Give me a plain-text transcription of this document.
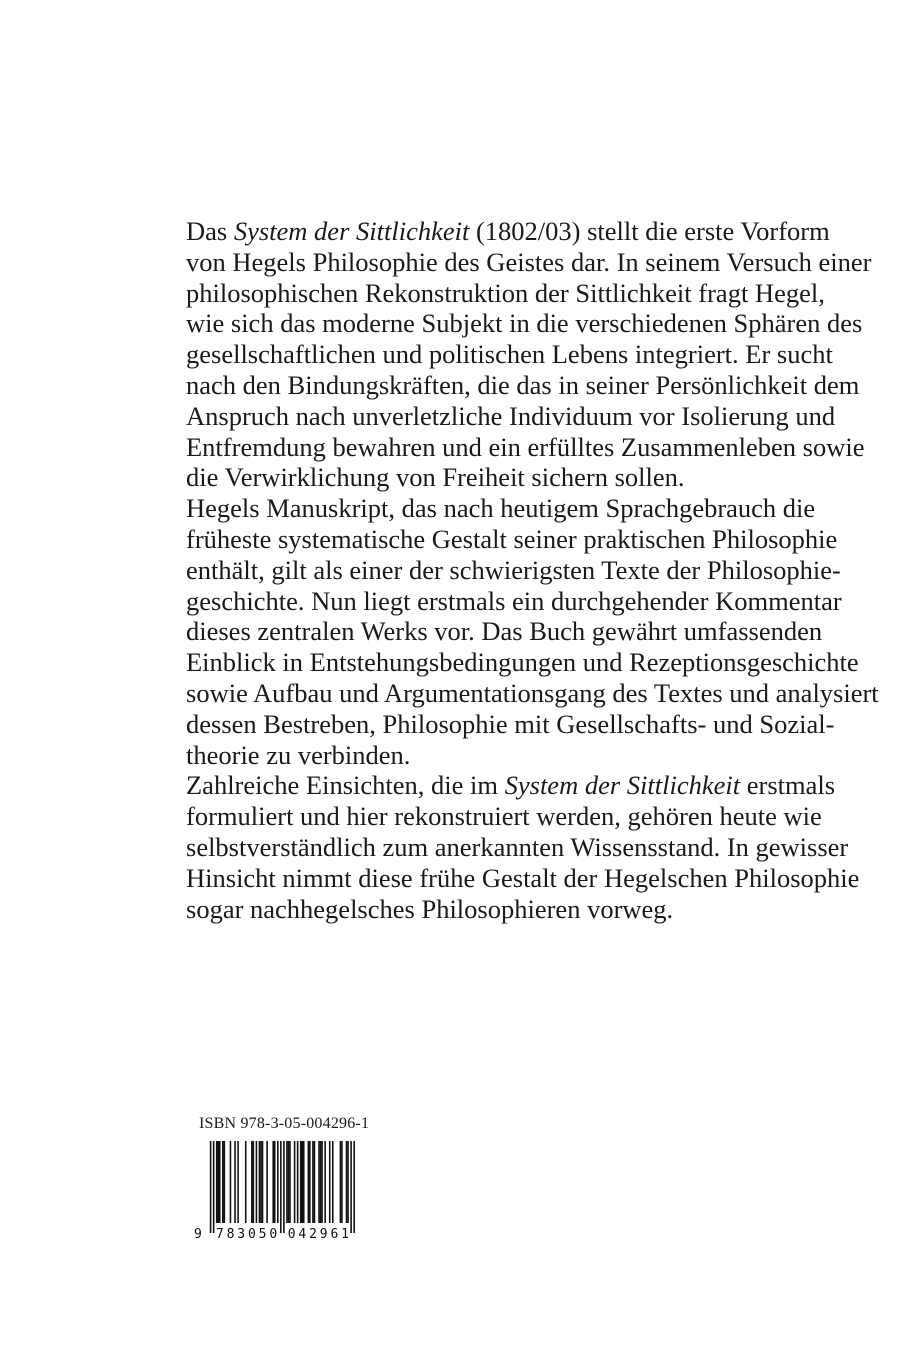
Das System der Sittlichkeit (1802/03) stellt die erste Vorform
von Hegels Philosophie des Geistes dar. In seinem Versuch einer
philosophischen Rekonstruktion der Sittlichkeit fragt Hegel,
wie sich das moderne Subjekt in die verschiedenen Sphären des
gesellschaftlichen und politischen Lebens integriert. Er sucht
nach den Bindungskräften, die das in seiner Persönlichkeit dem
Anspruch nach unverletzliche Individuum vor Isolierung und
Entfremdung bewahren und ein erfülltes Zusammenleben sowie
die Verwirklichung von Freiheit sichern sollen.
Hegels Manuskript, das nach heutigem Sprachgebrauch die
früheste systematische Gestalt seiner praktischen Philosophie
enthält, gilt als einer der schwierigsten Texte der Philosophie-
geschichte. Nun liegt erstmals ein durchgehender Kommentar
dieses zentralen Werks vor. Das Buch gewährt umfassenden
Einblick in Entstehungsbedingungen und Rezeptionsgeschichte
sowie Aufbau und Argumentationsgang des Textes und analysiert
dessen Bestreben, Philosophie mit Gesellschafts- und Sozial-
theorie zu verbinden.
Zahlreiche Einsichten, die im System der Sittlichkeit erstmals
formuliert und hier rekonstruiert werden, gehören heute wie
selbstverständlich zum anerkannten Wissensstand. In gewisser
Hinsicht nimmt diese frühe Gestalt der Hegelschen Philosophie
sogar nachhegelsches Philosophieren vorweg.
ISBN 978-3-05-004296-1
9 7 8 3 0 5 0 0 4 2 9 6 1
